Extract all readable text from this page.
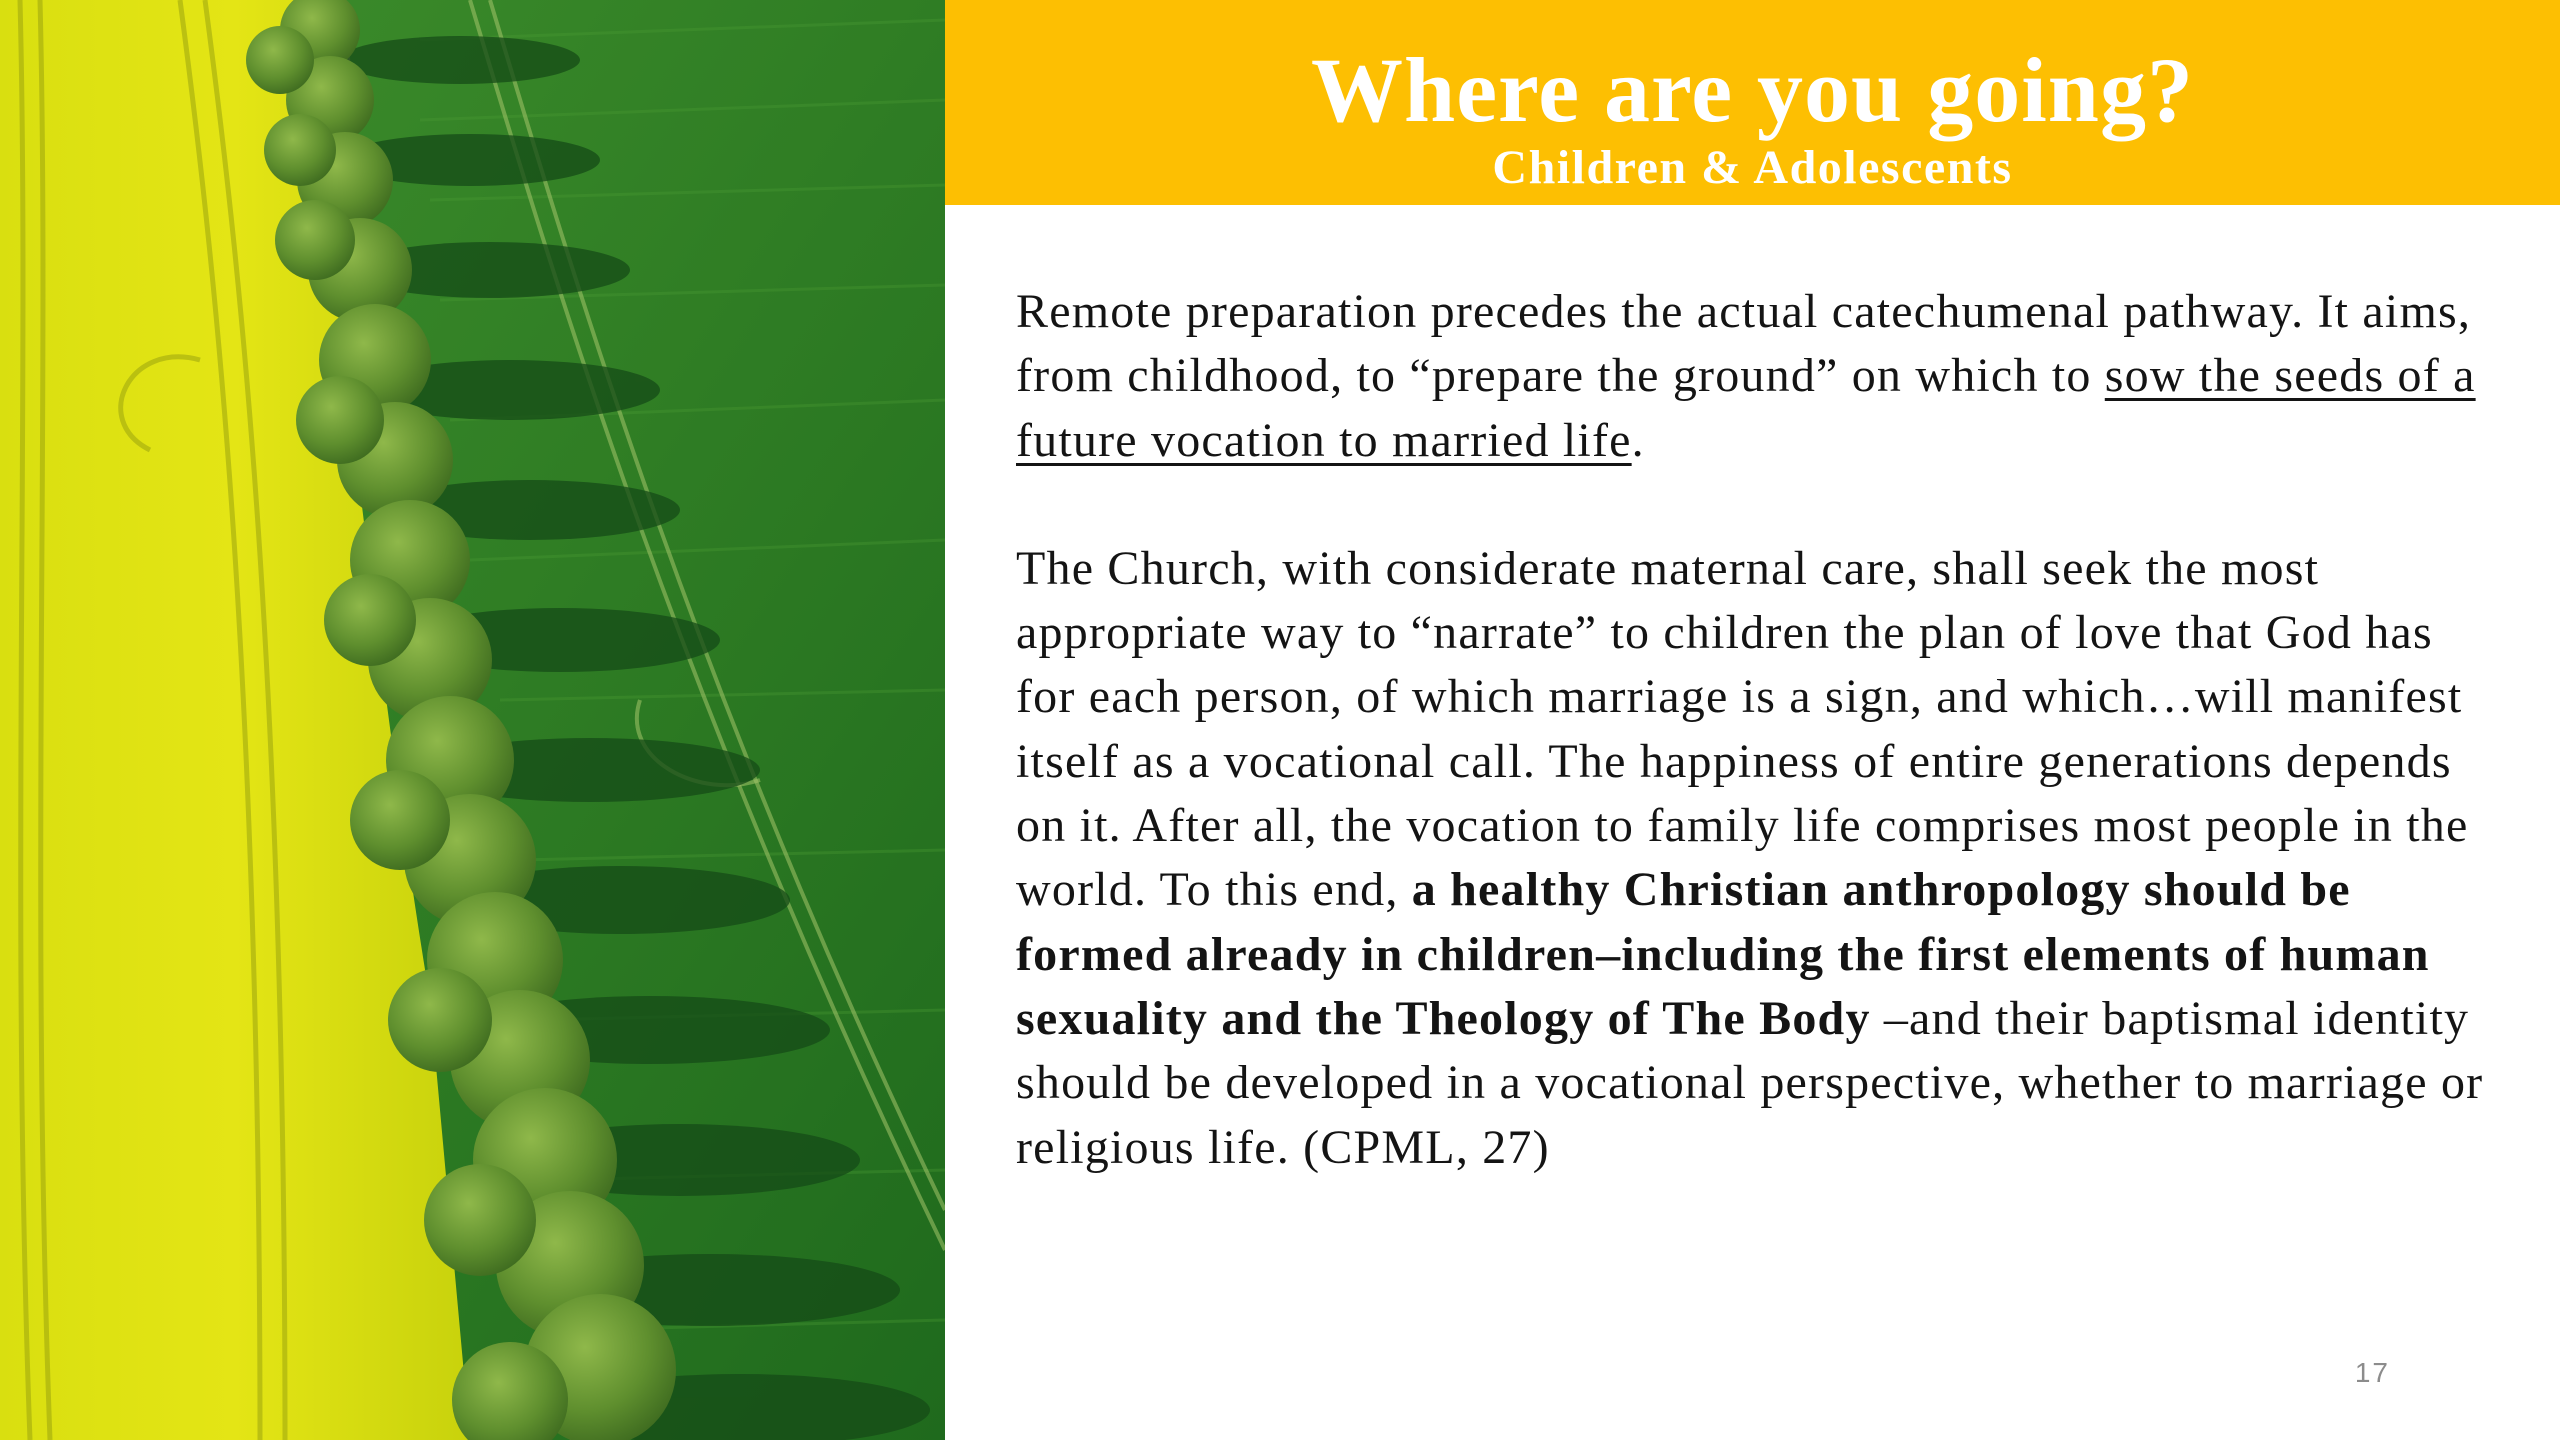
Where are you going?
Children & Adolescents

Remote preparation precedes the actual catechumenal pathway. It aims, from childhood, to “prepare the ground” on which to sow the seeds of a future vocation to married life.

The Church, with considerate maternal care, shall seek the most appropriate way to “narrate” to children the plan of love that God has for each person, of which marriage is a sign, and which…will manifest itself as a vocational call. The happiness of entire generations depends on it. After all, the vocation to family life comprises most people in the world. To this end, a healthy Christian anthropology should be formed already in children–including the first elements of human sexuality and the Theology of The Body –and their baptismal identity should be developed in a vocational perspective, whether to marriage or religious life. (CPML, 27)

17
